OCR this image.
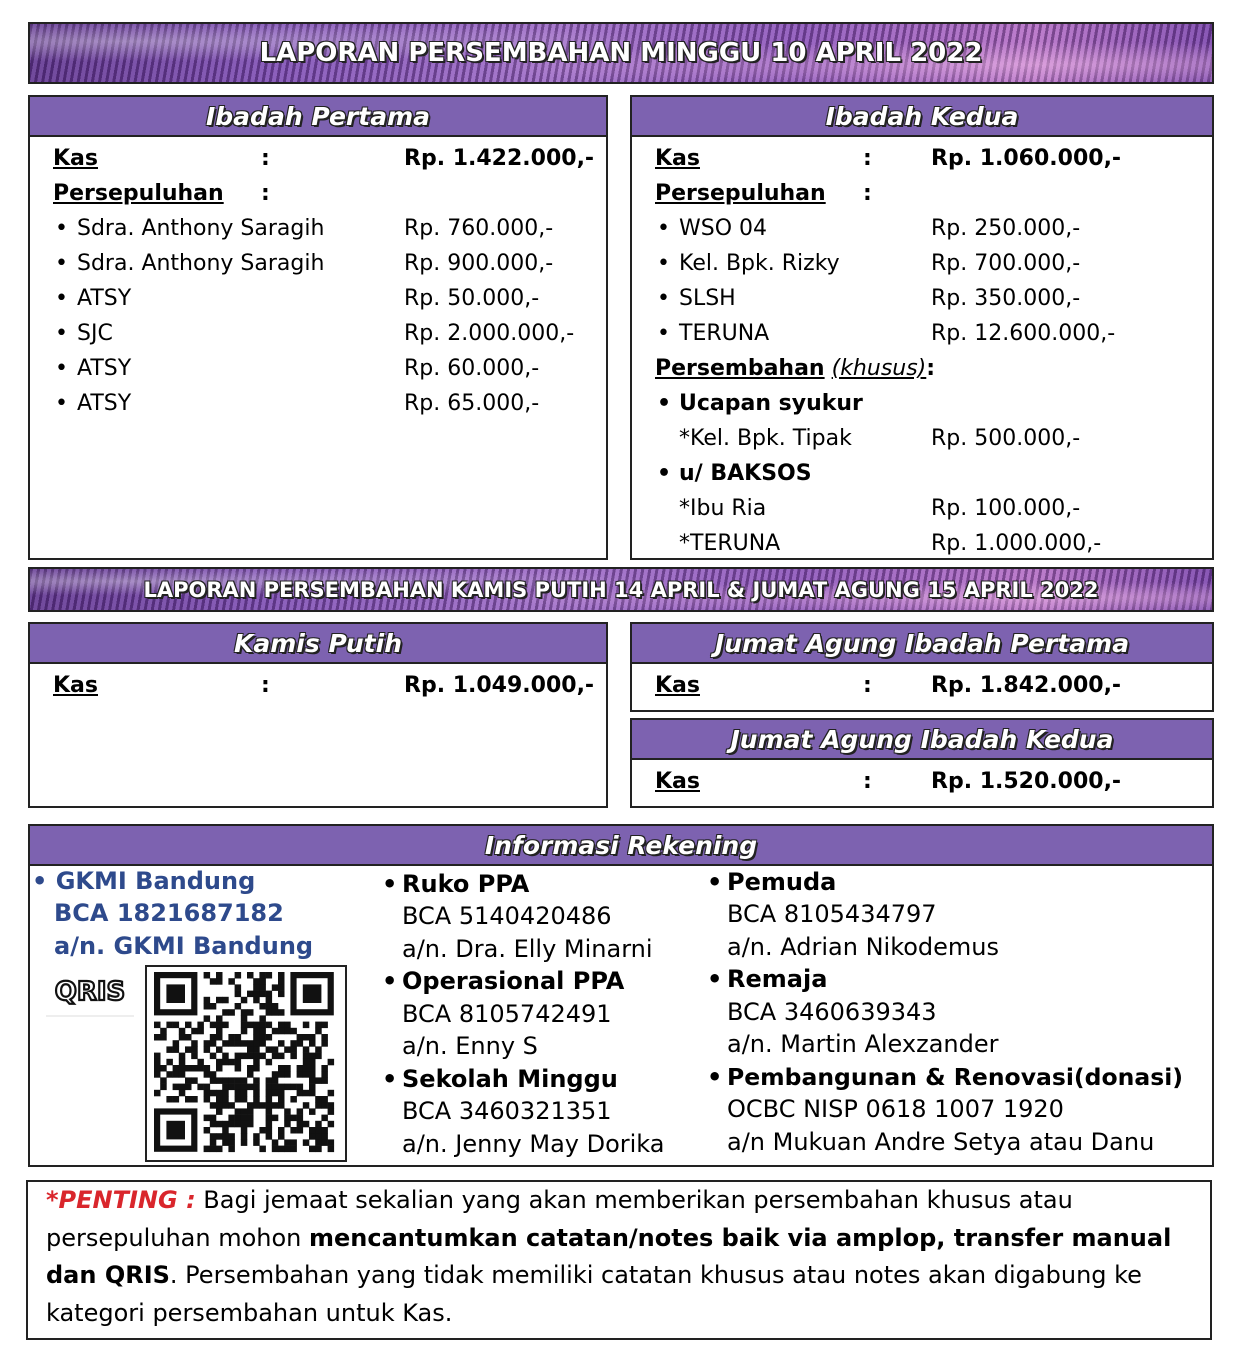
LAPORAN PERSEMBAHAN MINGGU 10 APRIL 2022
Ibadah Pertama
Kas	:	Rp. 1.422.000,-
Persepuluhan :
• Sdra. Anthony Saragih	Rp. 760.000,-
• Sdra. Anthony Saragih	Rp. 900.000,-
• ATSY	Rp. 50.000,-
• SJC	Rp. 2.000.000,-
• ATSY	Rp. 60.000,-
• ATSY	Rp. 65.000,-
Ibadah Kedua
Kas	:	Rp. 1.060.000,-
Persepuluhan :
• WSO 04	Rp. 250.000,-
• Kel. Bpk. Rizky	Rp. 700.000,-
• SLSH	Rp. 350.000,-
• TERUNA	Rp. 12.600.000,-
Persembahan (khusus):
• Ucapan syukur
*Kel. Bpk. Tipak	Rp. 500.000,-
• u/ BAKSOS
*Ibu Ria	Rp. 100.000,-
*TERUNA	Rp. 1.000.000,-
LAPORAN PERSEMBAHAN KAMIS PUTIH 14 APRIL & JUMAT AGUNG 15 APRIL 2022
Kamis Putih
Kas	:	Rp. 1.049.000,-
Jumat Agung Ibadah Pertama
Kas	:	Rp. 1.842.000,-
Jumat Agung Ibadah Kedua
Kas	:	Rp. 1.520.000,-
Informasi Rekening
• GKMI Bandung
BCA 1821687182
a/n. GKMI Bandung
QRIS
• Ruko PPA
BCA 5140420486
a/n. Dra. Elly Minarni
• Operasional PPA
BCA 8105742491
a/n. Enny S
• Sekolah Minggu
BCA 3460321351
a/n. Jenny May Dorika
• Pemuda
BCA 8105434797
a/n. Adrian Nikodemus
• Remaja
BCA 3460639343
a/n. Martin Alexzander
• Pembangunan & Renovasi(donasi)
OCBC NISP 0618 1007 1920
a/n Mukuan Andre Setya atau Danu
*PENTING : Bagi jemaat sekalian yang akan memberikan persembahan khusus atau persepuluhan mohon mencantumkan catatan/notes baik via amplop, transfer manual dan QRIS. Persembahan yang tidak memiliki catatan khusus atau notes akan digabung ke kategori persembahan untuk Kas.
